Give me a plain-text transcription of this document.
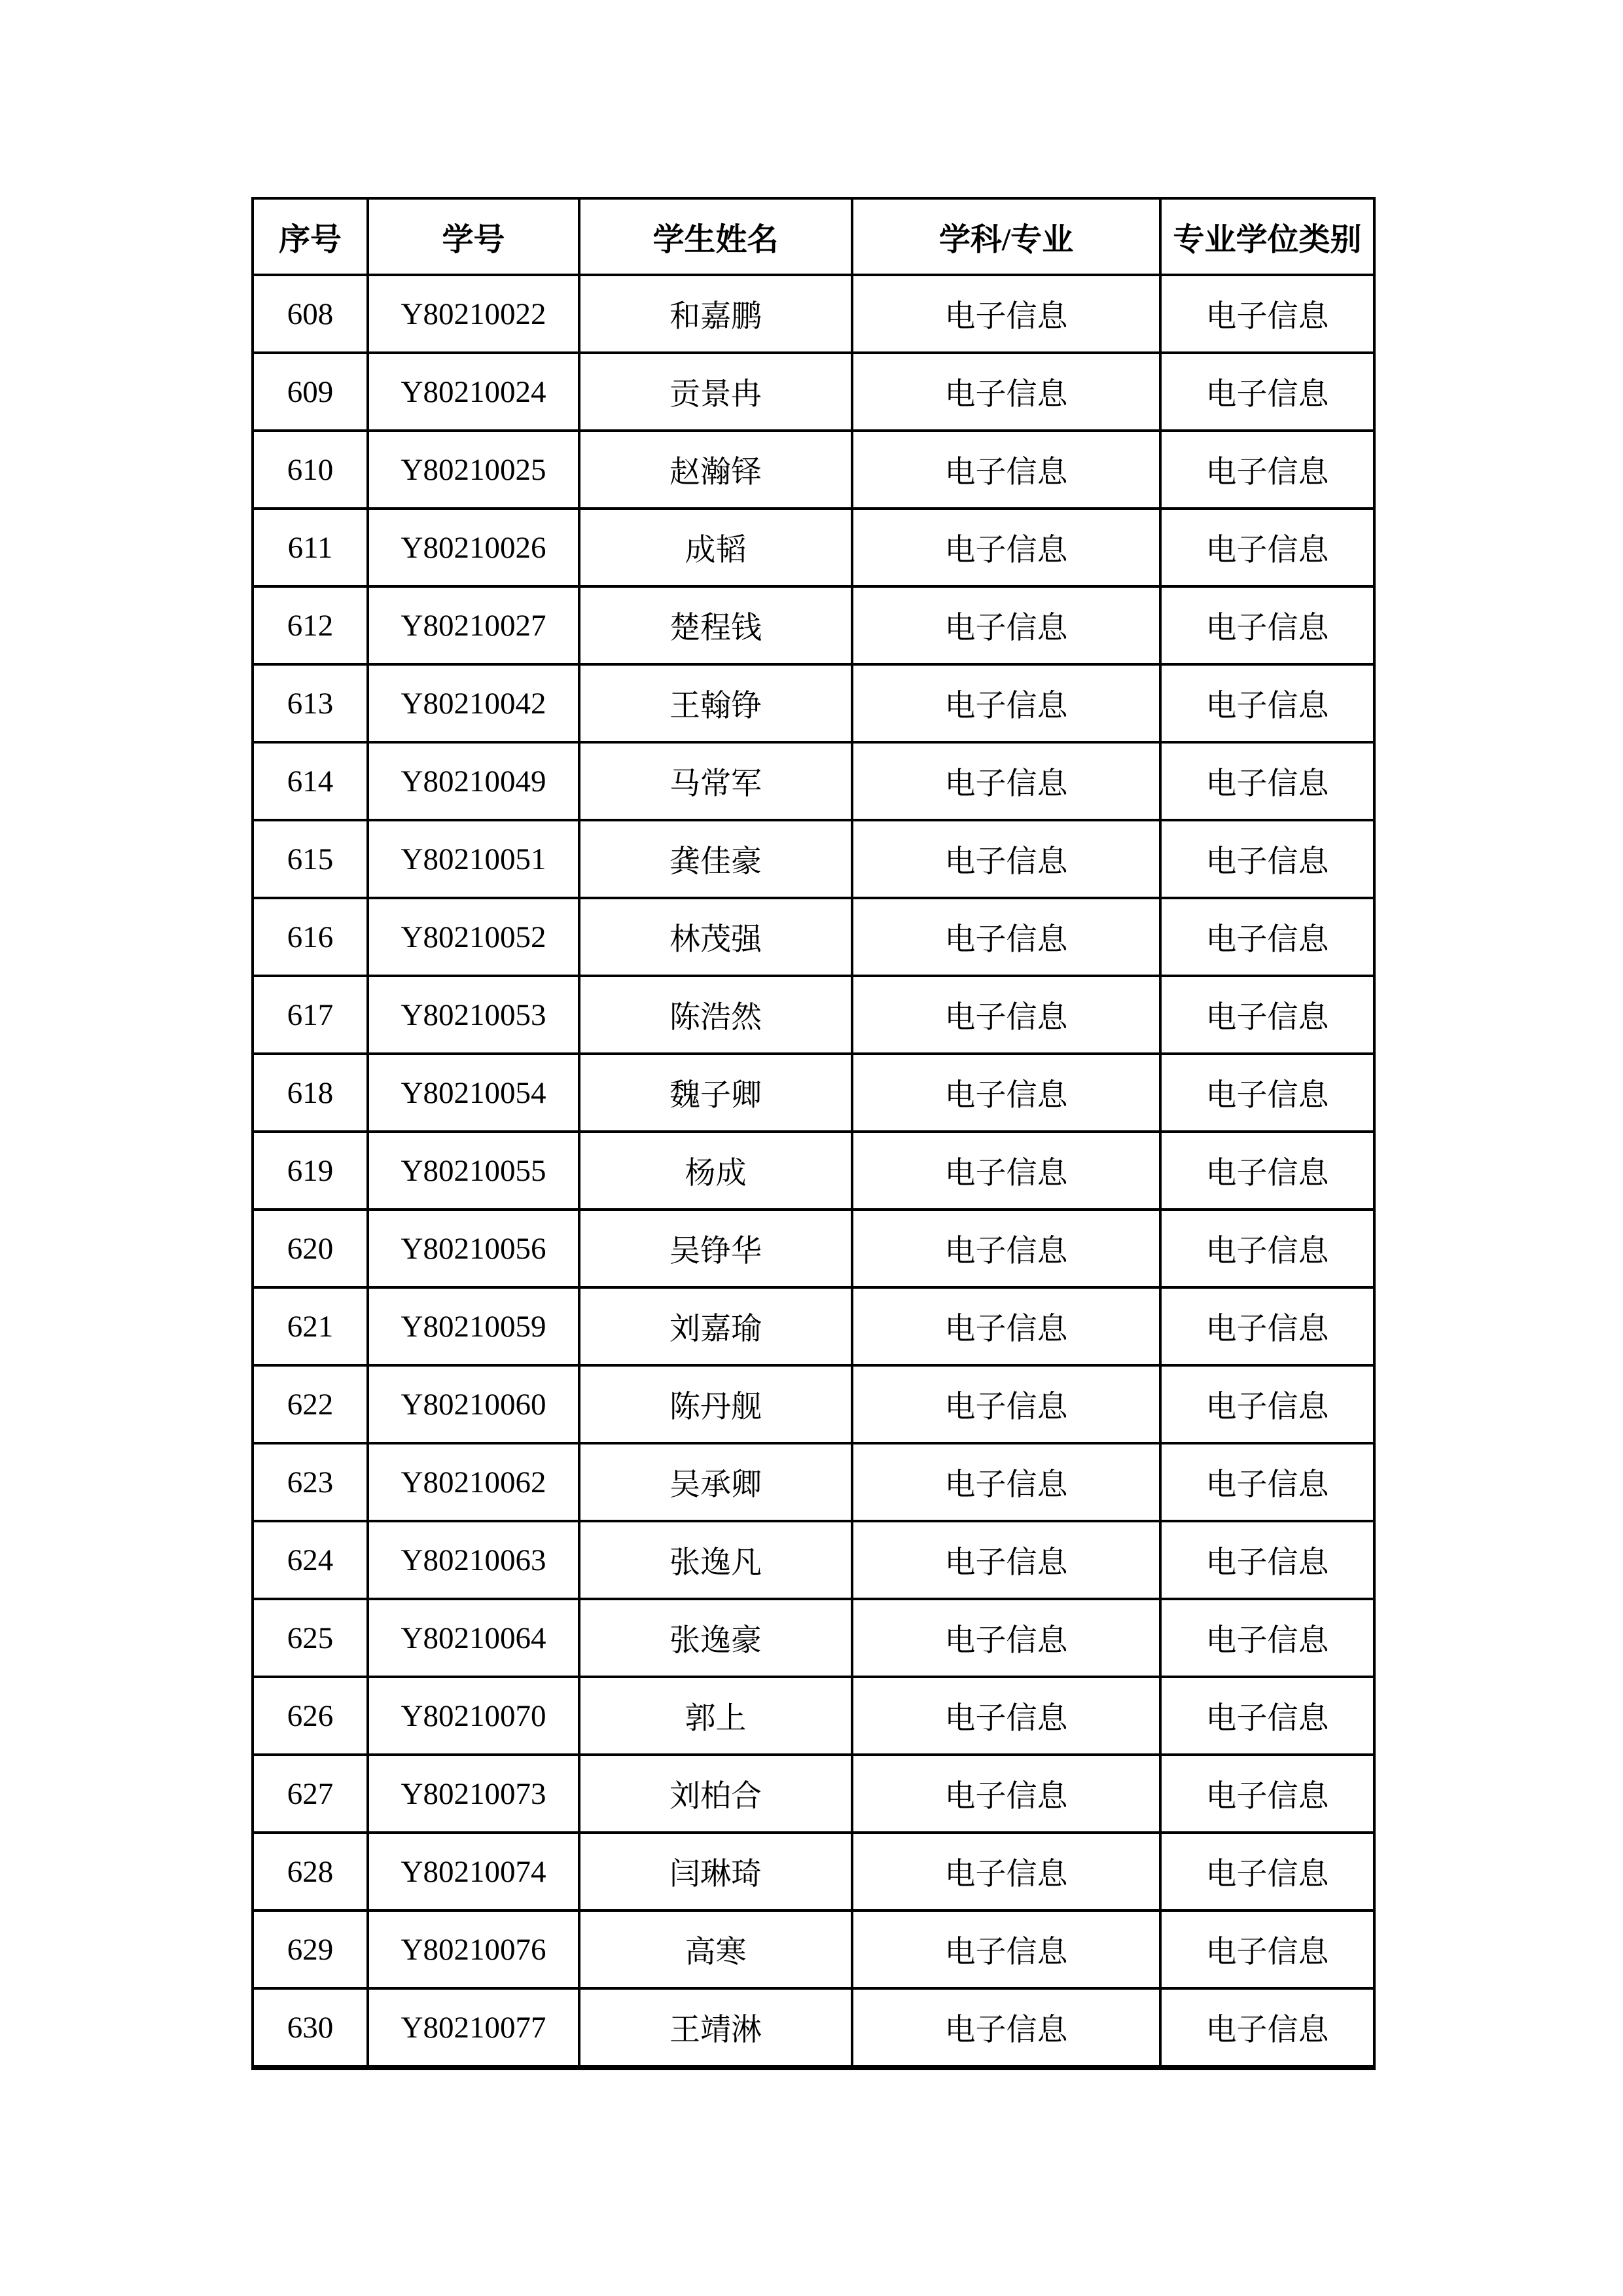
序号	学号	学生姓名	学科/专业	专业学位类别
608	Y80210022	和嘉鹏	电子信息	电子信息
609	Y80210024	贡景冉	电子信息	电子信息
610	Y80210025	赵瀚铎	电子信息	电子信息
611	Y80210026	成韬	电子信息	电子信息
612	Y80210027	楚程钱	电子信息	电子信息
613	Y80210042	王翰铮	电子信息	电子信息
614	Y80210049	马常军	电子信息	电子信息
615	Y80210051	龚佳豪	电子信息	电子信息
616	Y80210052	林茂强	电子信息	电子信息
617	Y80210053	陈浩然	电子信息	电子信息
618	Y80210054	魏子卿	电子信息	电子信息
619	Y80210055	杨成	电子信息	电子信息
620	Y80210056	吴铮华	电子信息	电子信息
621	Y80210059	刘嘉瑜	电子信息	电子信息
622	Y80210060	陈丹舰	电子信息	电子信息
623	Y80210062	吴承卿	电子信息	电子信息
624	Y80210063	张逸凡	电子信息	电子信息
625	Y80210064	张逸豪	电子信息	电子信息
626	Y80210070	郭上	电子信息	电子信息
627	Y80210073	刘柏合	电子信息	电子信息
628	Y80210074	闫琳琦	电子信息	电子信息
629	Y80210076	高寒	电子信息	电子信息
630	Y80210077	王靖淋	电子信息	电子信息
